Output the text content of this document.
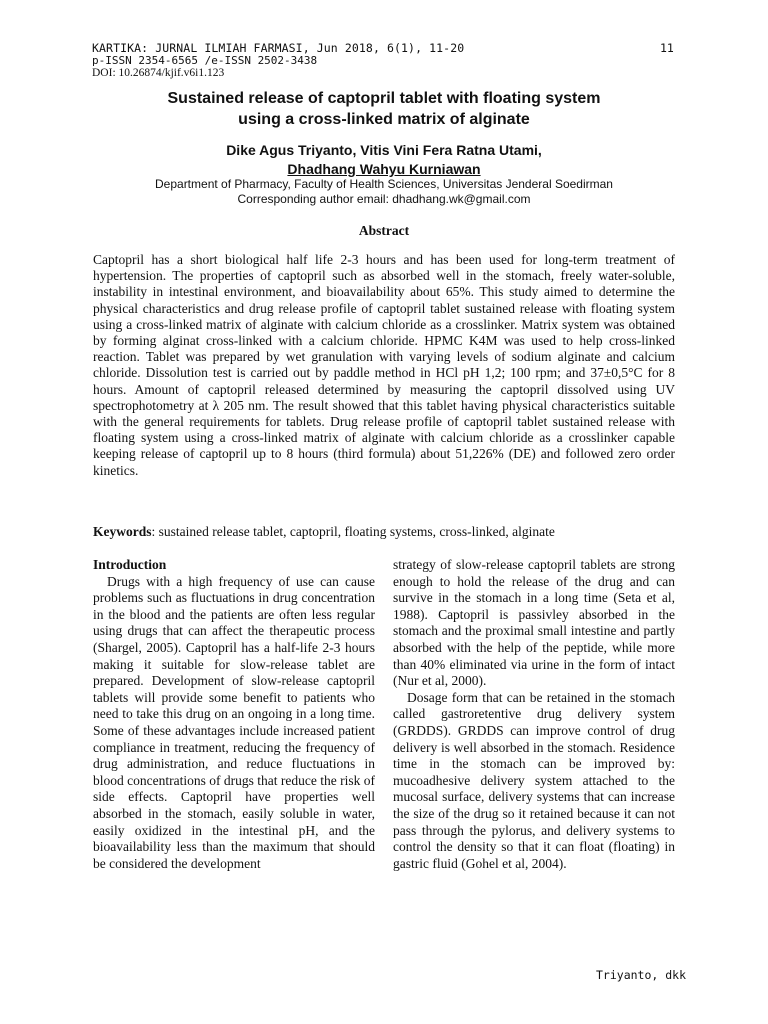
KARTIKA: JURNAL ILMIAH FARMASI, Jun 2018, 6(1), 11-20	11
p-ISSN 2354-6565 /e-ISSN 2502-3438
DOI: 10.26874/kjif.v6i1.123
Sustained release of captopril tablet with floating system
using a cross-linked matrix of alginate
Dike Agus Triyanto, Vitis Vini Fera Ratna Utami,
Dhadhang Wahyu Kurniawan
Department of Pharmacy, Faculty of Health Sciences, Universitas Jenderal Soedirman
Corresponding author email: dhadhang.wk@gmail.com
Abstract
Captopril has a short biological half life 2-3 hours and has been used for long-term treatment of hypertension. The properties of captopril such as absorbed well in the stomach, freely water-soluble, instability in intestinal environment, and bioavailability about 65%. This study aimed to determine the physical characteristics and drug release profile of captopril tablet sustained release with floating system using a cross-linked matrix of alginate with calcium chloride as a crosslinker. Matrix system was obtained by forming alginat cross-linked with a calcium chloride. HPMC K4M was used to help cross-linked reaction. Tablet was prepared by wet granulation with varying levels of sodium alginate and calcium chloride. Dissolution test is carried out by paddle method in HCl pH 1,2; 100 rpm; and 37±0,5°C for 8 hours. Amount of captopril released determined by measuring the captopril dissolved using UV spectrophotometry at λ 205 nm. The result showed that this tablet having physical characteristics suitable with the general requirements for tablets. Drug release profile of captopril tablet sustained release with floating system using a cross-linked matrix of alginate with calcium chloride as a crosslinker capable keeping release of captopril up to 8 hours (third formula) about 51,226% (DE) and followed zero order kinetics.
Keywords: sustained release tablet, captopril, floating systems, cross-linked, alginate
Introduction

Drugs with a high frequency of use can cause problems such as fluctuations in drug concentration in the blood and the patients are often less regular using drugs that can affect the therapeutic process (Shargel, 2005). Captopril has a half-life 2-3 hours making it suitable for slow-release tablet are prepared. Development of slow-release captopril tablets will provide some benefit to patients who need to take this drug on an ongoing in a long time. Some of these advantages include increased patient compliance in treatment, reducing the frequency of drug administration, and reduce fluctuations in blood concentrations of drugs that reduce the risk of side effects. Captopril have properties well absorbed in the stomach, easily soluble in water, easily oxidized in the intestinal pH, and the bioavailability less than the maximum that should be considered the development

strategy of slow-release captopril tablets are strong enough to hold the release of the drug and can survive in the stomach in a long time (Seta et al, 1988). Captopril is passivley absorbed in the stomach and the proximal small intestine and partly absorbed with the help of the peptide, while more than 40% eliminated via urine in the form of intact (Nur et al, 2000).

Dosage form that can be retained in the stomach called gastroretentive drug delivery system (GRDDS). GRDDS can improve control of drug delivery is well absorbed in the stomach. Residence time in the stomach can be improved by: mucoadhesive delivery system attached to the mucosal surface, delivery systems that can increase the size of the drug so it retained because it can not pass through the pylorus, and delivery systems to control the density so that it can float (floating) in gastric fluid (Gohel et al, 2004).

Triyanto, dkk
